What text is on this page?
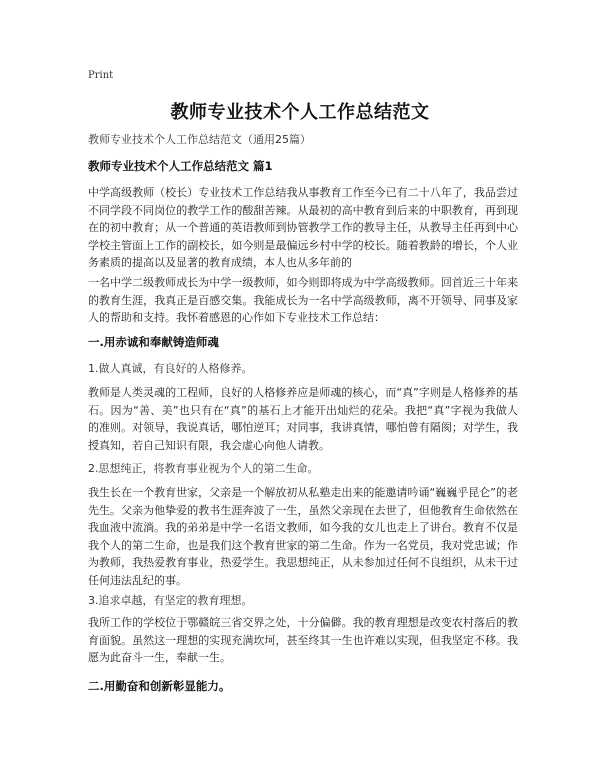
Print
教师专业技术个人工作总结范文
教师专业技术个人工作总结范文（通用25篇）
教师专业技术个人工作总结范文 篇1
中学高级教师（校长）专业技术工作总结我从事教育工作至今已有二十八年了，我品尝过不同学段不同岗位的教学工作的酸甜苦辣。从最初的高中教育到后来的中职教育，再到现在的初中教育；从一个普通的英语教师到协管教学工作的教导主任，从教导主任再到中心学校主管面上工作的副校长，如今则是最偏远乡村中学的校长。随着教龄的增长，个人业务素质的提高以及显著的教育成绩，本人也从多年前的
一名中学二级教师成长为中学一级教师，如今则即将成为中学高级教师。回首近三十年来的教育生涯，我真正是百感交集。我能成长为一名中学高级教师，离不开领导、同事及家人的帮助和支持。我怀着感恩的心作如下专业技术工作总结：
一.用赤诚和奉献铸造师魂
1.做人真诚，有良好的人格修养。
教师是人类灵魂的工程师，良好的人格修养应是师魂的核心，而“真”字则是人格修养的基石。因为“善、美”也只有在“真”的基石上才能开出灿烂的花朵。我把“真”字视为我做人的准则。对领导，我说真话，哪怕逆耳；对同事，我讲真情，哪怕曾有隔阂；对学生，我授真知，若自己知识有限，我会虚心向他人请教。
2.思想纯正，将教育事业视为个人的第二生命。
我生长在一个教育世家，父亲是一个解放初从私塾走出来的能邀请吟诵“巍巍乎昆仑”的老先生。父亲为他挚爱的教书生涯奔波了一生，虽然父亲现在去世了，但他教育生命依然在我血液中流淌。我的弟弟是中学一名语文教师，如今我的女儿也走上了讲台。教育不仅是我个人的第二生命，也是我们这个教育世家的第二生命。作为一名党员，我对党忠诚；作为教师，我热爱教育事业，热爱学生。我思想纯正，从未参加过任何不良组织，从未干过任何违法乱纪的事。
3.追求卓越，有坚定的教育理想。
我所工作的学校位于鄂赣皖三省交界之处，十分偏僻。我的教育理想是改变农村落后的教育面貌。虽然这一理想的实现充满坎坷，甚至终其一生也许难以实现，但我坚定不移。我愿为此奋斗一生，奉献一生。
二.用勤奋和创新彰显能力。
